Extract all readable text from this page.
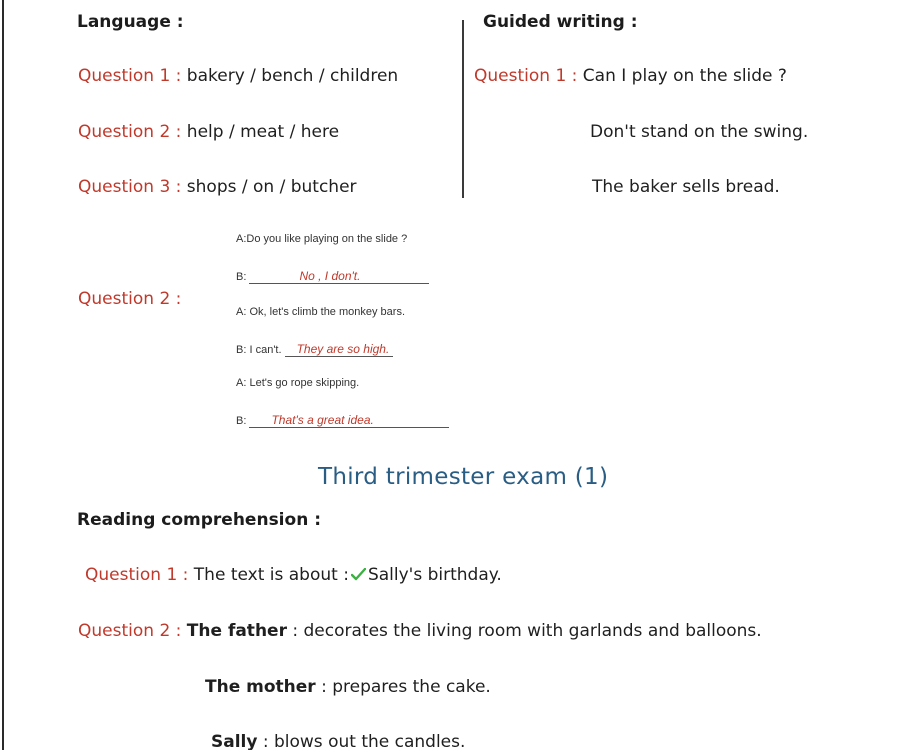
Language :
Question 1 : bakery / bench / children
Question 2 : help / meat / here
Question 3 : shops / on / butcher
Guided writing :
Question 1 : Can I play on the slide ?
Don't stand on the swing.
The baker sells bread.
Question 2 :
A:Do you like playing on the slide ?
B:	No , I don't.
A: Ok, let's climb the monkey bars.
B: I can't. They are so high.
A: Let's go rope skipping.
B: That's a great idea.
Third trimester exam (1)
Reading comprehension :
Question 1 : The text is about : Sally's birthday.
Question 2 : The father : decorates the living room with garlands and balloons.
The mother : prepares the cake.
Sally : blows out the candles.
